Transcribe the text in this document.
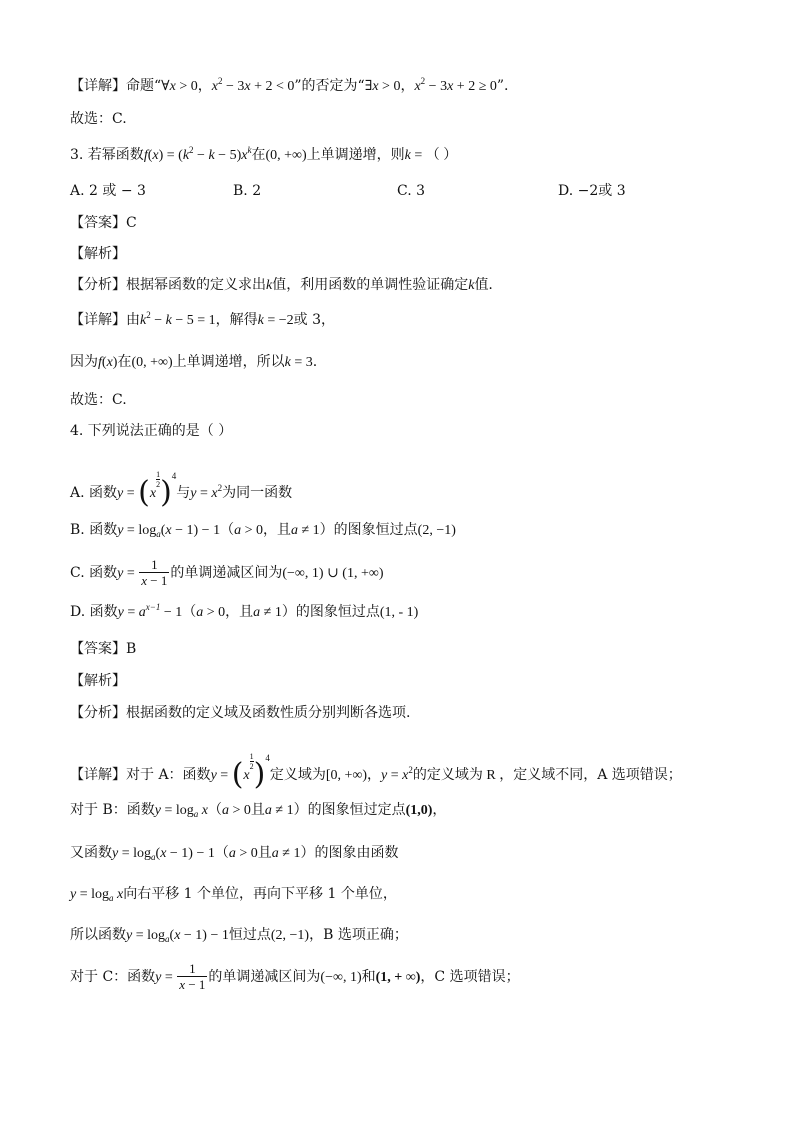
【详解】命题“∀x > 0，$x^2 - 3x + 2 < 0$”的否定为“∃x > 0，$x^2 - 3x + 2 \ge 0$”.
故选：C.
3. 若幂函数$f(x) = (k^2 - k - 5)x^k$在(0, +∞)上单调递增，则k = （ ）
A. 2 或 − 3	B. 2	C. 3	D. −2或 3
【答案】C
【解析】
【分析】根据幂函数的定义求出k值，利用函数的单调性验证确定k值.
【详解】由$k^2 - k - 5 = 1$，解得k = −2或 3，
因为f(x)在(0, +∞)上单调递增，所以k = 3.
故选：C.
4. 下列说法正确的是（ ）
A. 函数y = (x
$\frac{1}{2} )^4$与$y = x^2$为同一函数
B. 函数$y = \log_a(x - 1) - 1(a > 0$，且a ≠ 1）的图象恒过点(2, −1)
C. 函数$y = \frac{1}{x - 1}$ 的单调递减区间为(−∞, 1) ∪ (1, +∞)
D. 函数$y = a^{x-1} - 1(a > 0$，且a ≠ 1）的图象恒过点(1, - 1)
【答案】B
【解析】
【分析】根据函数的定义域及函数性质分别判断各选项.
【详解】对于 A：函数y = (x
$\frac{1}{2} )^4$定义域为[0, +∞)，$y = x^2$的定义域为 R ，定义域不同，A 选项错误；
对于 B：函数$y = \log_a x(a > 0$且a ≠ 1）的图象恒过定点(1,0)，
又函数$y = \log_a(x - 1) - 1(a > 0$且a ≠ 1）的图象由函数
$y = \log_a x$向右平移 1 个单位，再向下平移 1 个单位，
所以函数$y = \log_a(x - 1) - 1$恒过点(2, −1)，B 选项正确；
对于 C：函数$y = \frac{1}{x - 1}$ 的单调递减区间为(−∞, 1)和(1, + ∞)，C 选项错误；
